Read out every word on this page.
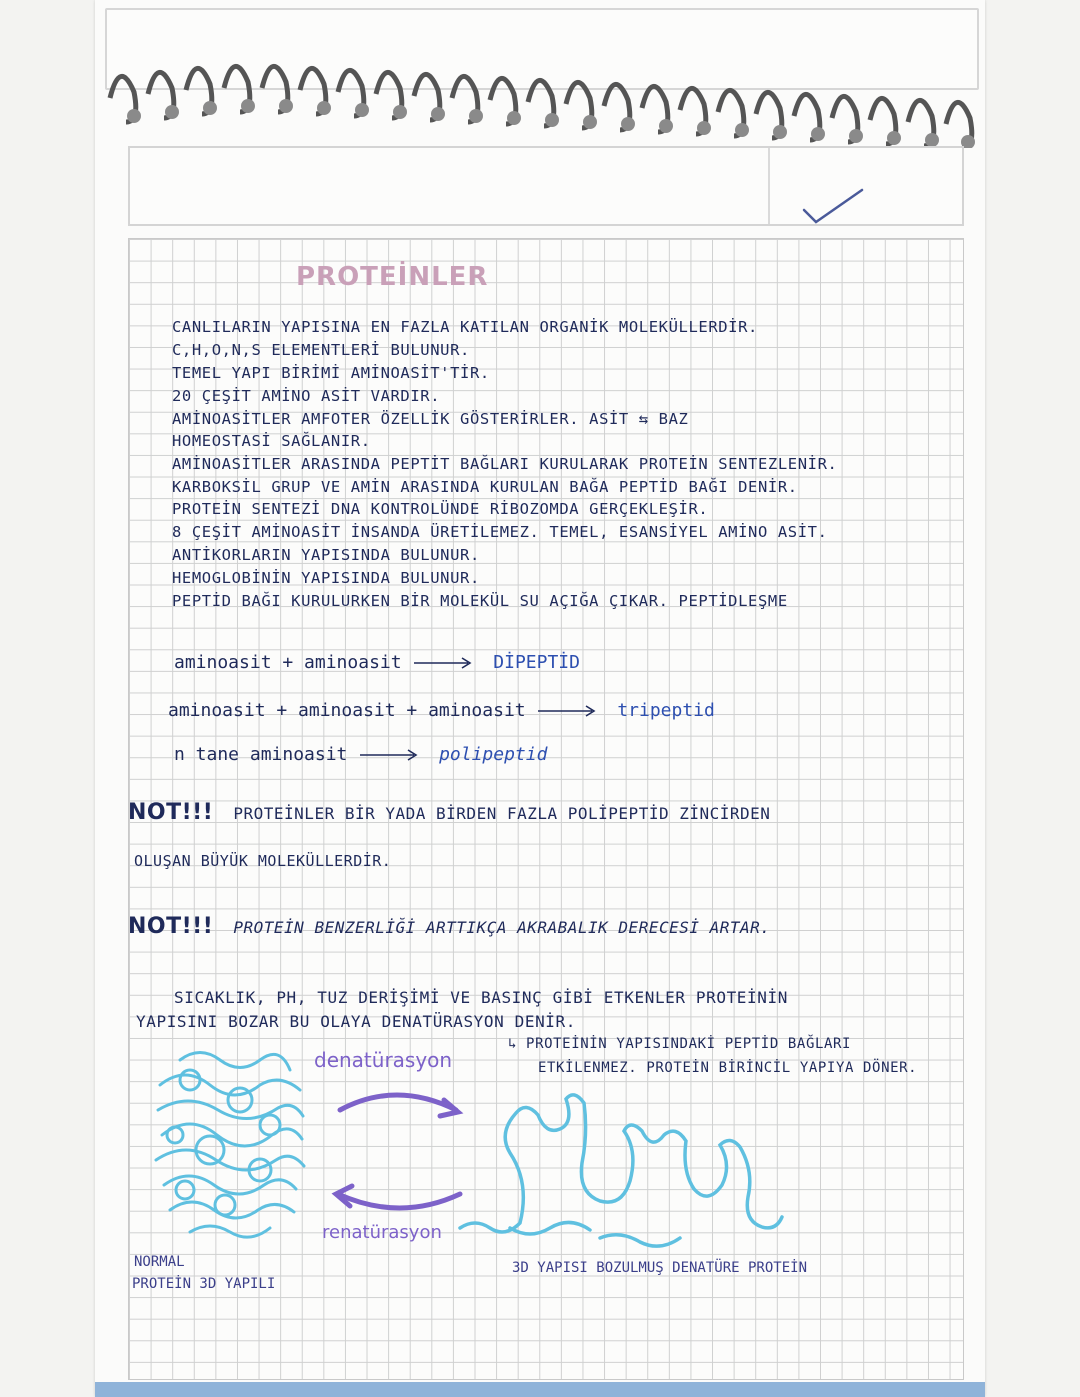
PROTEİNLER
CANLILARIN YAPISINA EN FAZLA KATILAN ORGANİK MOLEKÜLLERDİR.
C,H,O,N,S ELEMENTLERİ BULUNUR.
TEMEL YAPI BİRİMİ AMİNOASİT'TİR.
20 ÇEŞİT AMİNO ASİT VARDIR.
AMİNOASİTLER AMFOTER ÖZELLİK GÖSTERİRLER. ASİT ⇆ BAZ
HOMEOSTASİ SAĞLANIR.
AMİNOASİTLER ARASINDA PEPTİT BAĞLARI KURULARAK PROTEİN SENTEZLENİR.
KARBOKSİL GRUP VE AMİN ARASINDA KURULAN BAĞA PEPTİD BAĞI DENİR.
PROTEİN SENTEZİ DNA KONTROLÜNDE RİBOZOMDA GERÇEKLEŞİR.
8 ÇEŞİT AMİNOASİT İNSANDA ÜRETİLEMEZ. TEMEL, ESANSİYEL AMİNO ASİT.
ANTİKORLARIN YAPISINDA BULUNUR.
HEMOGLOBİNİN YAPISINDA BULUNUR.
PEPTİD BAĞI KURULURKEN BİR MOLEKÜL SU AÇIĞA ÇIKAR. PEPTİDLEŞME
aminoasit + aminoasit	DİPEPTİD
aminoasit + aminoasit + aminoasit	tripeptid
n tane aminoasit	polipeptid
NOT!!! PROTEİNLER BİR YADA BİRDEN FAZLA POLİPEPTİD ZİNCİRDEN
OLUŞAN BÜYÜK MOLEKÜLLERDİR.
NOT!!! PROTEİN BENZERLİĞİ ARTTIKÇA AKRABALIK DERECESİ ARTAR.
SICAKLIK, PH, TUZ DERİŞİMİ VE BASINÇ GİBİ ETKENLER PROTEİNİN
YAPISINI BOZAR BU OLAYA DENATÜRASYON DENİR.
↳ PROTEİNİN YAPISINDAKİ PEPTİD BAĞLARI
ETKİLENMEZ. PROTEİN BİRİNCİL YAPIYA DÖNER.
denatürasyon
renatürasyon
NORMAL
PROTEİN 3D YAPILI
3D YAPISI BOZULMUŞ DENATÜRE PROTEİN
